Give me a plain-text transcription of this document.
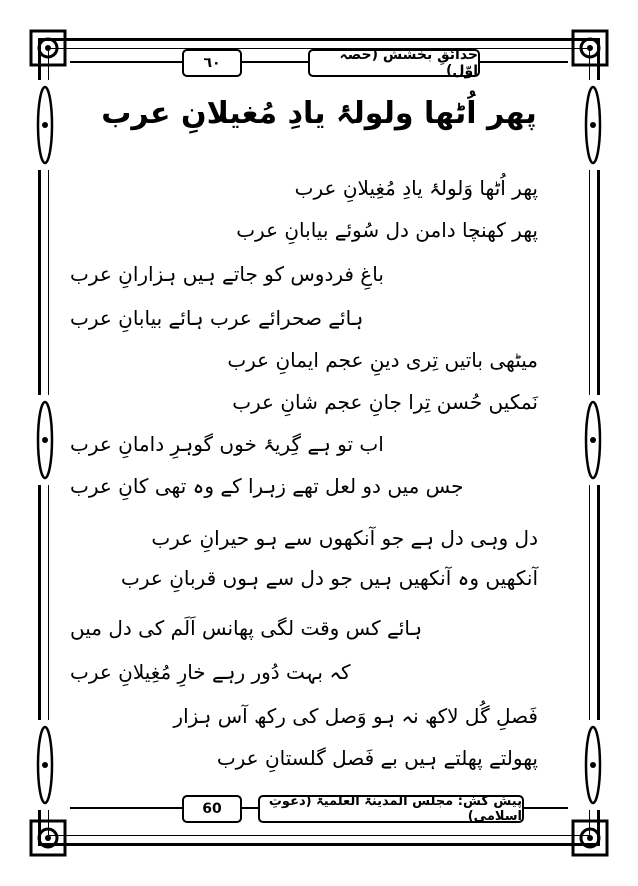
٦٠	حدائقِ بخشش (حصہ اوّل)
پھر اُٹھا ولولۂ یادِ مُغیلانِ عرب
پھر اُٹھا وَلولۂ یادِ مُغِیلانِ عرب
پھر کھنچا دامن دل سُوئے بیابانِ عرب
باغِ فردوس کو جاتے ہیں ہزارانِ عرب
ہائے صحرائے عرب ہائے بیابانِ عرب
میٹھی باتیں تِری دینِ عجم ایمانِ عرب
نَمکیں حُسن تِرا جانِ عجم شانِ عرب
اب تو ہے گِریۂ خوں گوہرِ دامانِ عرب
جس میں دو لعل تھے زہرا کے وہ تھی کانِ عرب
دل وہی دل ہے جو آنکھوں سے ہو حیرانِ عرب
آنکھیں وہ آنکھیں ہیں جو دل سے ہوں قربانِ عرب
ہائے کس وقت لگی پھانس اَلَم کی دل میں
کہ بہت دُور رہے خارِ مُغِیلانِ عرب
فَصلِ گُل لاکھ نہ ہو وَصل کی رکھ آس ہزار
پھولتے پھلتے ہیں بے فَصل گلستانِ عرب
60	پیش کش: مجلس المدینۃ العلمیۃ (دعوتِ اسلامی)
